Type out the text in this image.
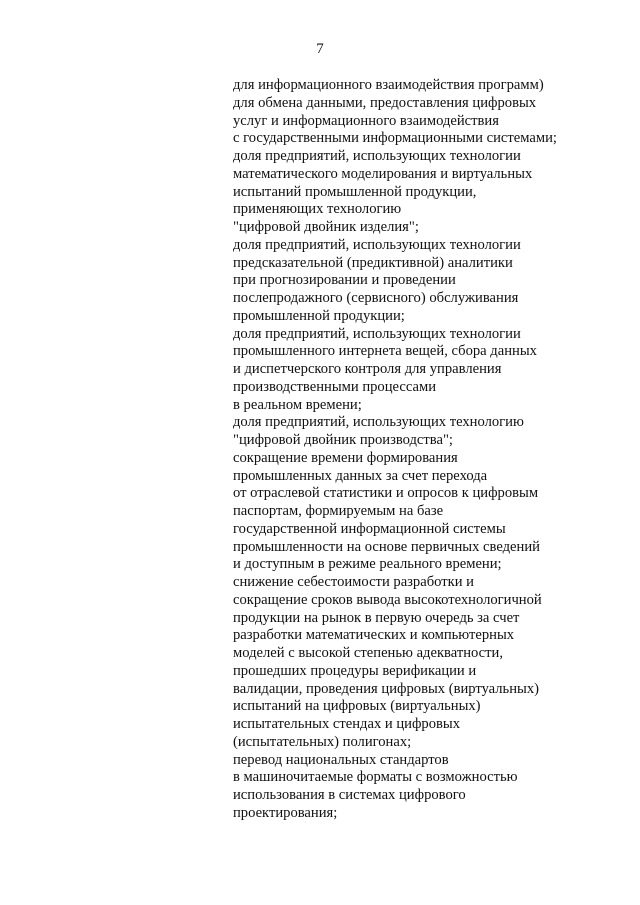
7
для информационного взаимодействия программ)
для обмена данными, предоставления цифровых
услуг и информационного взаимодействия
с государственными информационными системами;
доля предприятий, использующих технологии
математического моделирования и виртуальных
испытаний промышленной продукции,
применяющих технологию
"цифровой двойник изделия";
доля предприятий, использующих технологии
предсказательной (предиктивной) аналитики
при прогнозировании и проведении
послепродажного (сервисного) обслуживания
промышленной продукции;
доля предприятий, использующих технологии
промышленного интернета вещей, сбора данных
и диспетчерского контроля для управления
производственными процессами
в реальном времени;
доля предприятий, использующих технологию
"цифровой двойник производства";
сокращение времени формирования
промышленных данных за счет перехода
от отраслевой статистики и опросов к цифровым
паспортам, формируемым на базе
государственной информационной системы
промышленности на основе первичных сведений
и доступным в режиме реального времени;
снижение себестоимости разработки и
сокращение сроков вывода высокотехнологичной
продукции на рынок в первую очередь за счет
разработки математических и компьютерных
моделей с высокой степенью адекватности,
прошедших процедуры верификации и
валидации, проведения цифровых (виртуальных)
испытаний на цифровых (виртуальных)
испытательных стендах и цифровых
(испытательных) полигонах;
перевод национальных стандартов
в машиночитаемые форматы с возможностью
использования в системах цифрового
проектирования;
